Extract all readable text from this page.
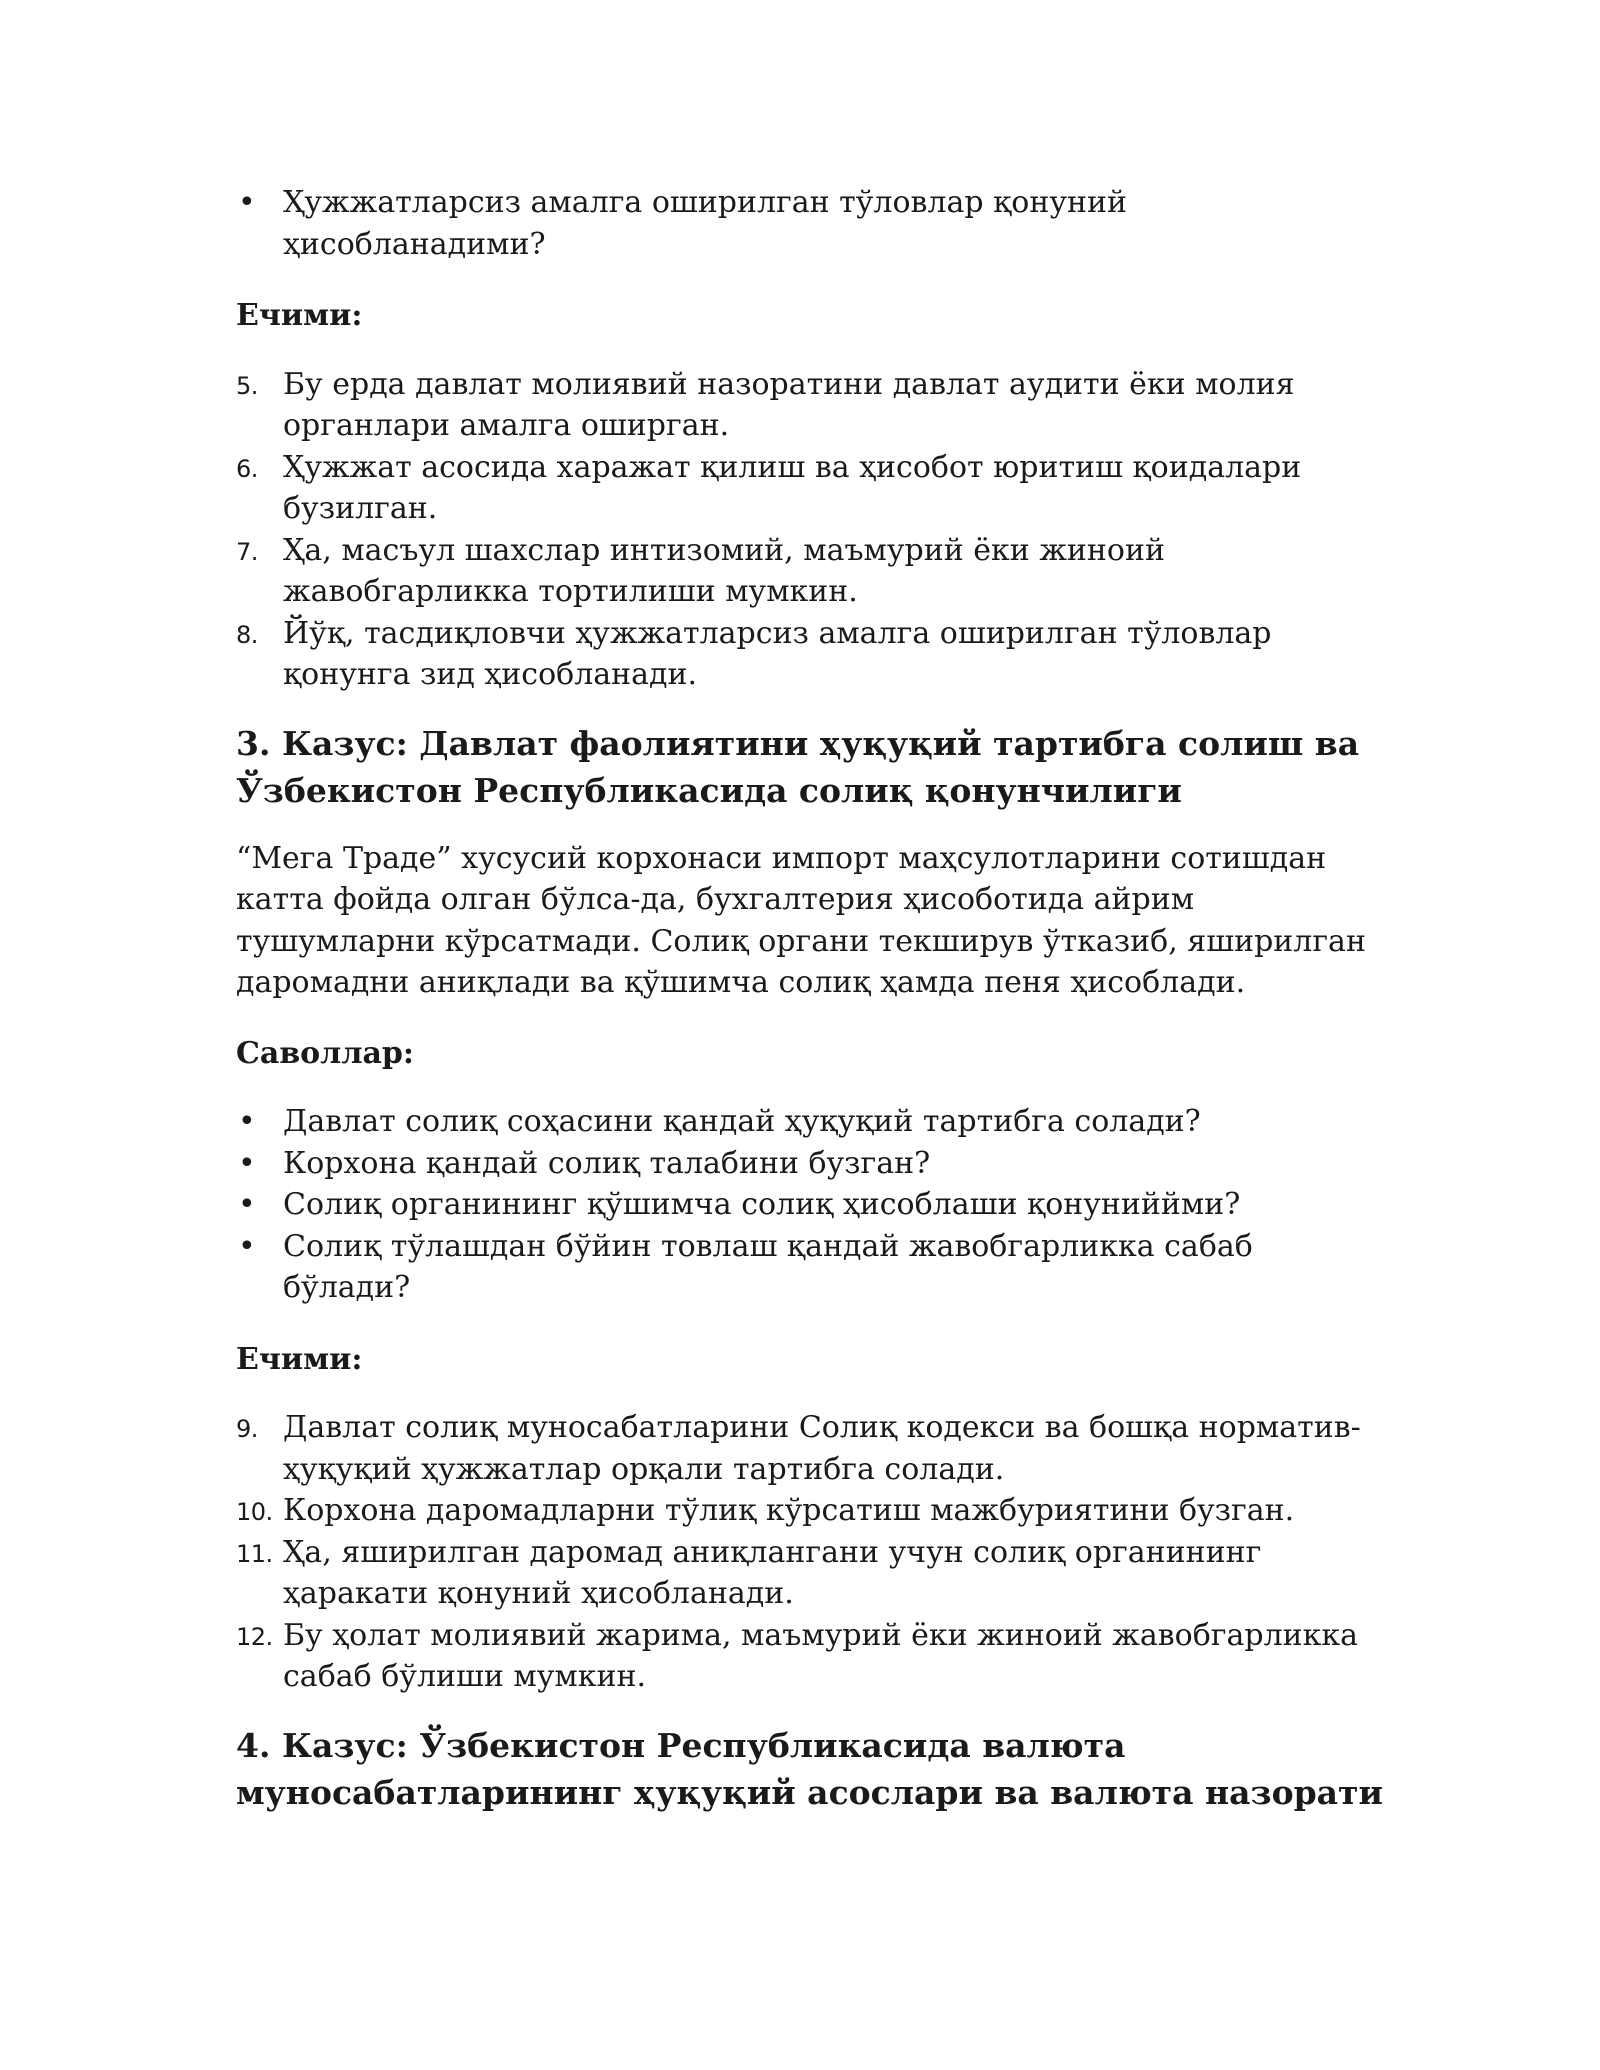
• Ҳужжатларсиз амалга оширилган тўловлар қонуний ҳисобланадими?

Ечими:

5. Бу ерда давлат молиявий назоратини давлат аудити ёки молия органлари амалга оширган.
6. Ҳужжат асосида харажат қилиш ва ҳисобот юритиш қоидалари бузилган.
7. Ҳа, масъул шахслар интизомий, маъмурий ёки жиноий жавобгарликка тортилиши мумкин.
8. Йўқ, тасдиқловчи ҳужжатларсиз амалга оширилган тўловлар қонунга зид ҳисобланади.
3. Казус: Давлат фаолиятини ҳуқуқий тартибга солиш ва Ўзбекистон Республикасида солиқ қонунчилиги

“Мега Траде” хусусий корхонаси импорт маҳсулотларини сотишдан катта фойда олган бўлса-да, бухгалтерия ҳисоботида айрим тушумларни кўрсатмади. Солиқ органи текширув ўтказиб, яширилган даромадни аниқлади ва қўшимча солиқ ҳамда пеня ҳисоблади.

Саволлар:

• Давлат солиқ соҳасини қандай ҳуқуқий тартибга солади?
• Корхона қандай солиқ талабини бузган?
• Солиқ органининг қўшимча солиқ ҳисоблаши қонуниййми?
• Солиқ тўлашдан бўйин товлаш қандай жавобгарликка сабаб бўлади?

Ечими:

9. Давлат солиқ муносабатларини Солиқ кодекси ва бошқа норматив-ҳуқуқий ҳужжатлар орқали тартибга солади.
10. Корхона даромадларни тўлиқ кўрсатиш мажбуриятини бузган.
11. Ҳа, яширилган даромад аниқлангани учун солиқ органининг ҳаракати қонуний ҳисобланади.
12. Бу ҳолат молиявий жарима, маъмурий ёки жиноий жавобгарликка сабаб бўлиши мумкин.
4. Казус: Ўзбекистон Республикасида валюта муносабатларининг ҳуқуқий асослари ва валюта назорати
